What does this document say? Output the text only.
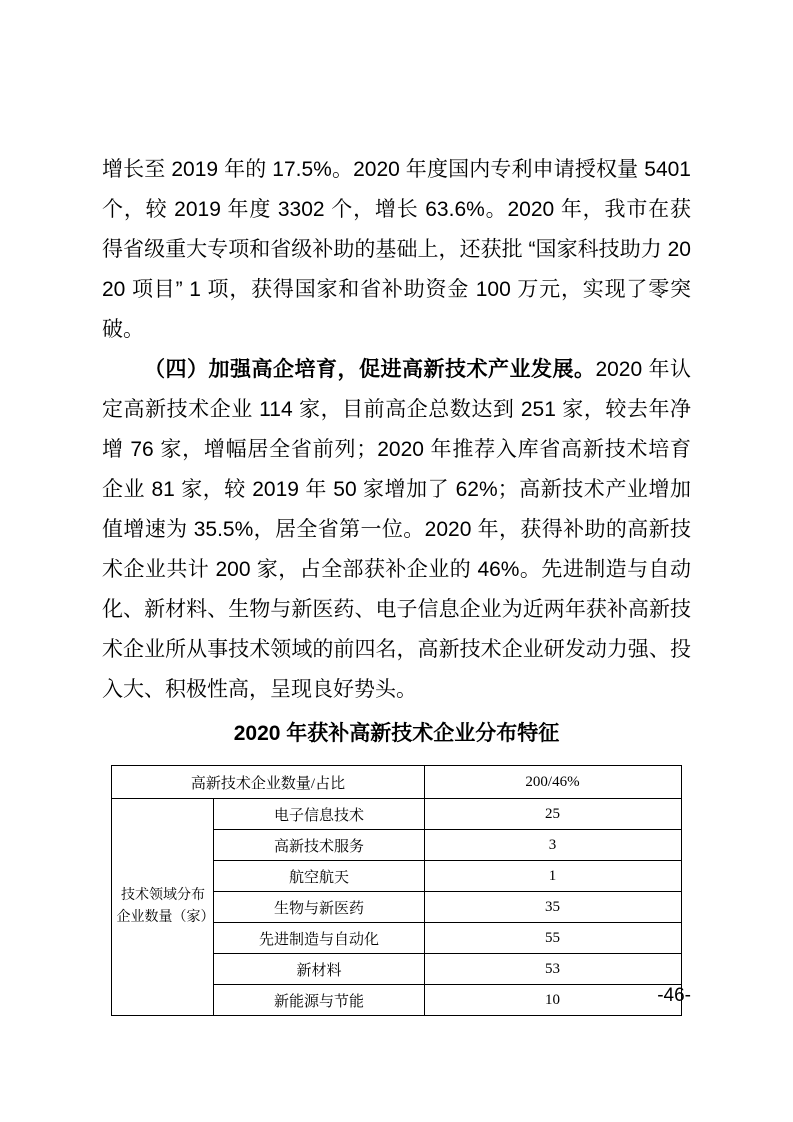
增长至 2019 年的 17.5%。2020 年度国内专利申请授权量 5401 个，较 2019 年度 3302 个，增长 63.6%。2020 年，我市在获得省级重大专项和省级补助的基础上，还获批 “国家科技助力 2020 项目” 1 项，获得国家和省补助资金 100 万元，实现了零突破。

（四）加强高企培育，促进高新技术产业发展。2020 年认定高新技术企业 114 家，目前高企总数达到 251 家，较去年净增 76 家，增幅居全省前列；2020 年推荐入库省高新技术培育企业 81 家，较 2019 年 50 家增加了 62%；高新技术产业增加值增速为 35.5%，居全省第一位。2020 年，获得补助的高新技术企业共计 200 家，占全部获补企业的 46%。先进制造与自动化、新材料、生物与新医药、电子信息企业为近两年获补高新技术企业所从事技术领域的前四名，高新技术企业研发动力强、投入大、积极性高，呈现良好势头。

2020 年获补高新技术企业分布特征
高新技术企业数量/占比		200/46%
技术领域分布企业数量（家）	电子信息技术	25
	高新技术服务	3
	航空航天	1
	生物与新医药	35
	先进制造与自动化	55
	新材料	53
	新能源与节能	10	-46-
